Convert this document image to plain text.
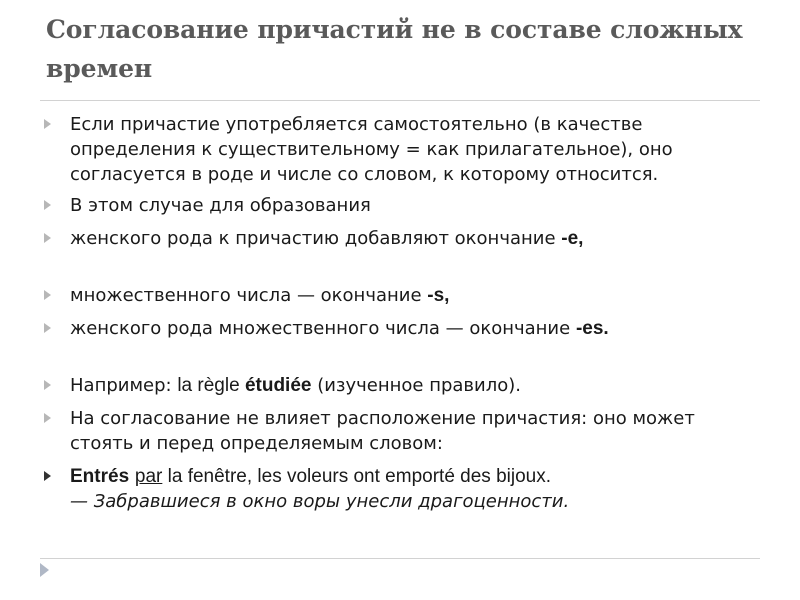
Согласование причастий не в составе сложных времен
Если причастие употребляется самостоятельно (в качестве определения к существительному = как прилагательное), оно согласуется в роде и числе со словом, к которому относится.
В этом случае для образования
женского рода к причастию добавляют окончание -e,
множественного числа — окончание -s,
женского рода множественного числа — окончание -es.
Например: la règle étudiée (изученное правило).
На согласование не влияет расположение причастия: оно может стоять и перед определяемым словом:
Entrés par la fenêtre, les voleurs ont emporté des bijoux.
— Забравшиеся в окно воры унесли драгоценности.
